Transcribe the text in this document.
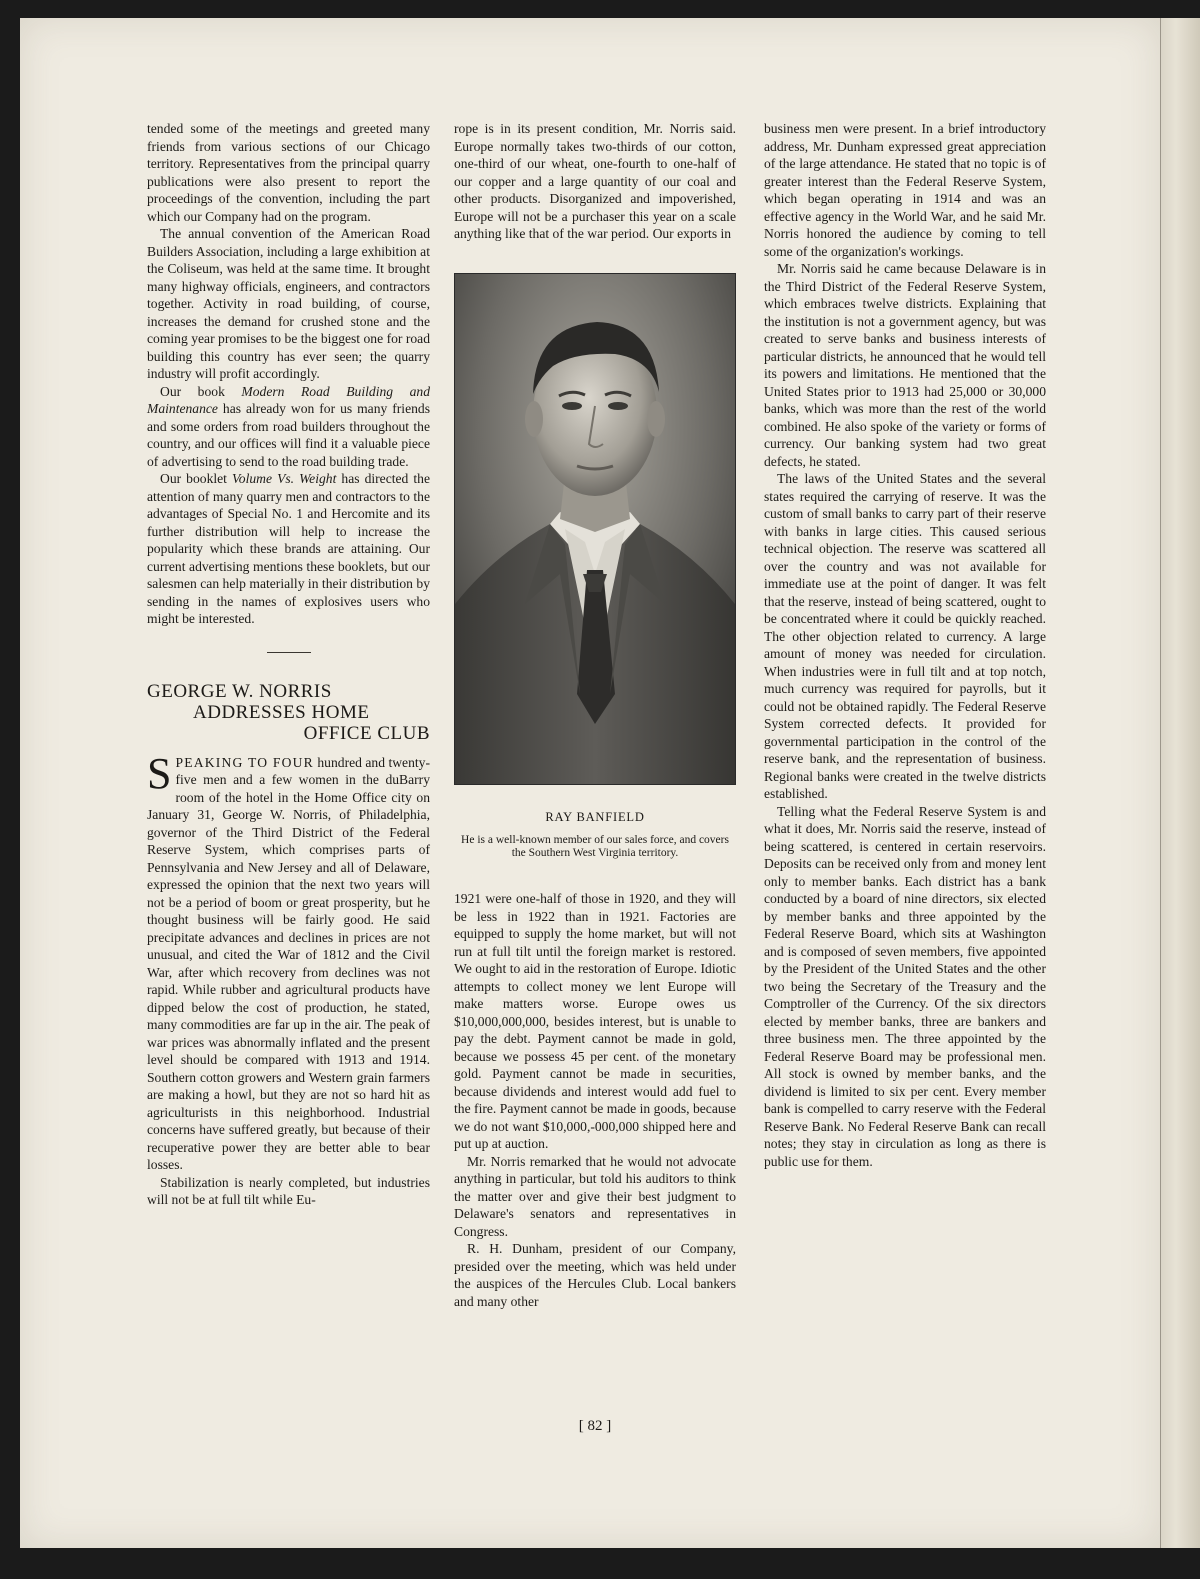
tended some of the meetings and greeted many friends from various sections of our Chicago territory. Representatives from the principal quarry publications were also present to report the proceedings of the convention, including the part which our Company had on the program.

The annual convention of the American Road Builders Association, including a large exhibition at the Coliseum, was held at the same time. It brought many highway officials, engineers, and contractors together. Activity in road building, of course, increases the demand for crushed stone and the coming year promises to be the biggest one for road building this country has ever seen; the quarry industry will profit accordingly.

Our book Modern Road Building and Maintenance has already won for us many friends and some orders from road builders throughout the country, and our offices will find it a valuable piece of advertising to send to the road building trade.

Our booklet Volume Vs. Weight has directed the attention of many quarry men and contractors to the advantages of Special No. 1 and Hercomite and its further distribution will help to increase the popularity which these brands are attaining. Our current advertising mentions these booklets, but our salesmen can help materially in their distribution by sending in the names of explosives users who might be interested.

GEORGE W. NORRIS
ADDRESSES HOME
OFFICE CLUB

SPEAKING TO FOUR hundred and twenty-five men and a few women in the duBarry room of the hotel in the Home Office city on January 31, George W. Norris, of Philadelphia, governor of the Third District of the Federal Reserve System, which comprises parts of Pennsylvania and New Jersey and all of Delaware, expressed the opinion that the next two years will not be a period of boom or great prosperity, but he thought business will be fairly good. He said precipitate advances and declines in prices are not unusual, and cited the War of 1812 and the Civil War, after which recovery from declines was not rapid. While rubber and agricultural products have dipped below the cost of production, he stated, many commodities are far up in the air. The peak of war prices was abnormally inflated and the present level should be compared with 1913 and 1914. Southern cotton growers and Western grain farmers are making a howl, but they are not so hard hit as agriculturists in this neighborhood. Industrial concerns have suffered greatly, but because of their recuperative power they are better able to bear losses.

Stabilization is nearly completed, but industries will not be at full tilt while Eu-

rope is in its present condition, Mr. Norris said. Europe normally takes two-thirds of our cotton, one-third of our wheat, one-fourth to one-half of our copper and a large quantity of our coal and other products. Disorganized and impoverished, Europe will not be a purchaser this year on a scale anything like that of the war period. Our exports in

RAY BANFIELD
He is a well-known member of our sales force, and covers the Southern West Virginia territory.

1921 were one-half of those in 1920, and they will be less in 1922 than in 1921. Factories are equipped to supply the home market, but will not run at full tilt until the foreign market is restored. We ought to aid in the restoration of Europe. Idiotic attempts to collect money we lent Europe will make matters worse. Europe owes us $10,000,000,000, besides interest, but is unable to pay the debt. Payment cannot be made in gold, because we possess 45 per cent. of the monetary gold. Payment cannot be made in securities, because dividends and interest would add fuel to the fire. Payment cannot be made in goods, because we do not want $10,000,-000,000 shipped here and put up at auction.

Mr. Norris remarked that he would not advocate anything in particular, but told his auditors to think the matter over and give their best judgment to Delaware's senators and representatives in Congress.

R. H. Dunham, president of our Company, presided over the meeting, which was held under the auspices of the Hercules Club. Local bankers and many other

business men were present. In a brief introductory address, Mr. Dunham expressed great appreciation of the large attendance. He stated that no topic is of greater interest than the Federal Reserve System, which began operating in 1914 and was an effective agency in the World War, and he said Mr. Norris honored the audience by coming to tell some of the organization's workings.

Mr. Norris said he came because Delaware is in the Third District of the Federal Reserve System, which embraces twelve districts. Explaining that the institution is not a government agency, but was created to serve banks and business interests of particular districts, he announced that he would tell its powers and limitations. He mentioned that the United States prior to 1913 had 25,000 or 30,000 banks, which was more than the rest of the world combined. He also spoke of the variety or forms of currency. Our banking system had two great defects, he stated.

The laws of the United States and the several states required the carrying of reserve. It was the custom of small banks to carry part of their reserve with banks in large cities. This caused serious technical objection. The reserve was scattered all over the country and was not available for immediate use at the point of danger. It was felt that the reserve, instead of being scattered, ought to be concentrated where it could be quickly reached. The other objection related to currency. A large amount of money was needed for circulation. When industries were in full tilt and at top notch, much currency was required for payrolls, but it could not be obtained rapidly. The Federal Reserve System corrected defects. It provided for governmental participation in the control of the reserve bank, and the representation of business. Regional banks were created in the twelve districts established.

Telling what the Federal Reserve System is and what it does, Mr. Norris said the reserve, instead of being scattered, is centered in certain reservoirs. Deposits can be received only from and money lent only to member banks. Each district has a bank conducted by a board of nine directors, six elected by member banks and three appointed by the Federal Reserve Board, which sits at Washington and is composed of seven members, five appointed by the President of the United States and the other two being the Secretary of the Treasury and the Comptroller of the Currency. Of the six directors elected by member banks, three are bankers and three business men. The three appointed by the Federal Reserve Board may be professional men. All stock is owned by member banks, and the dividend is limited to six per cent. Every member bank is compelled to carry reserve with the Federal Reserve Bank. No Federal Reserve Bank can recall notes; they stay in circulation as long as there is public use for them.

[ 82 ]
